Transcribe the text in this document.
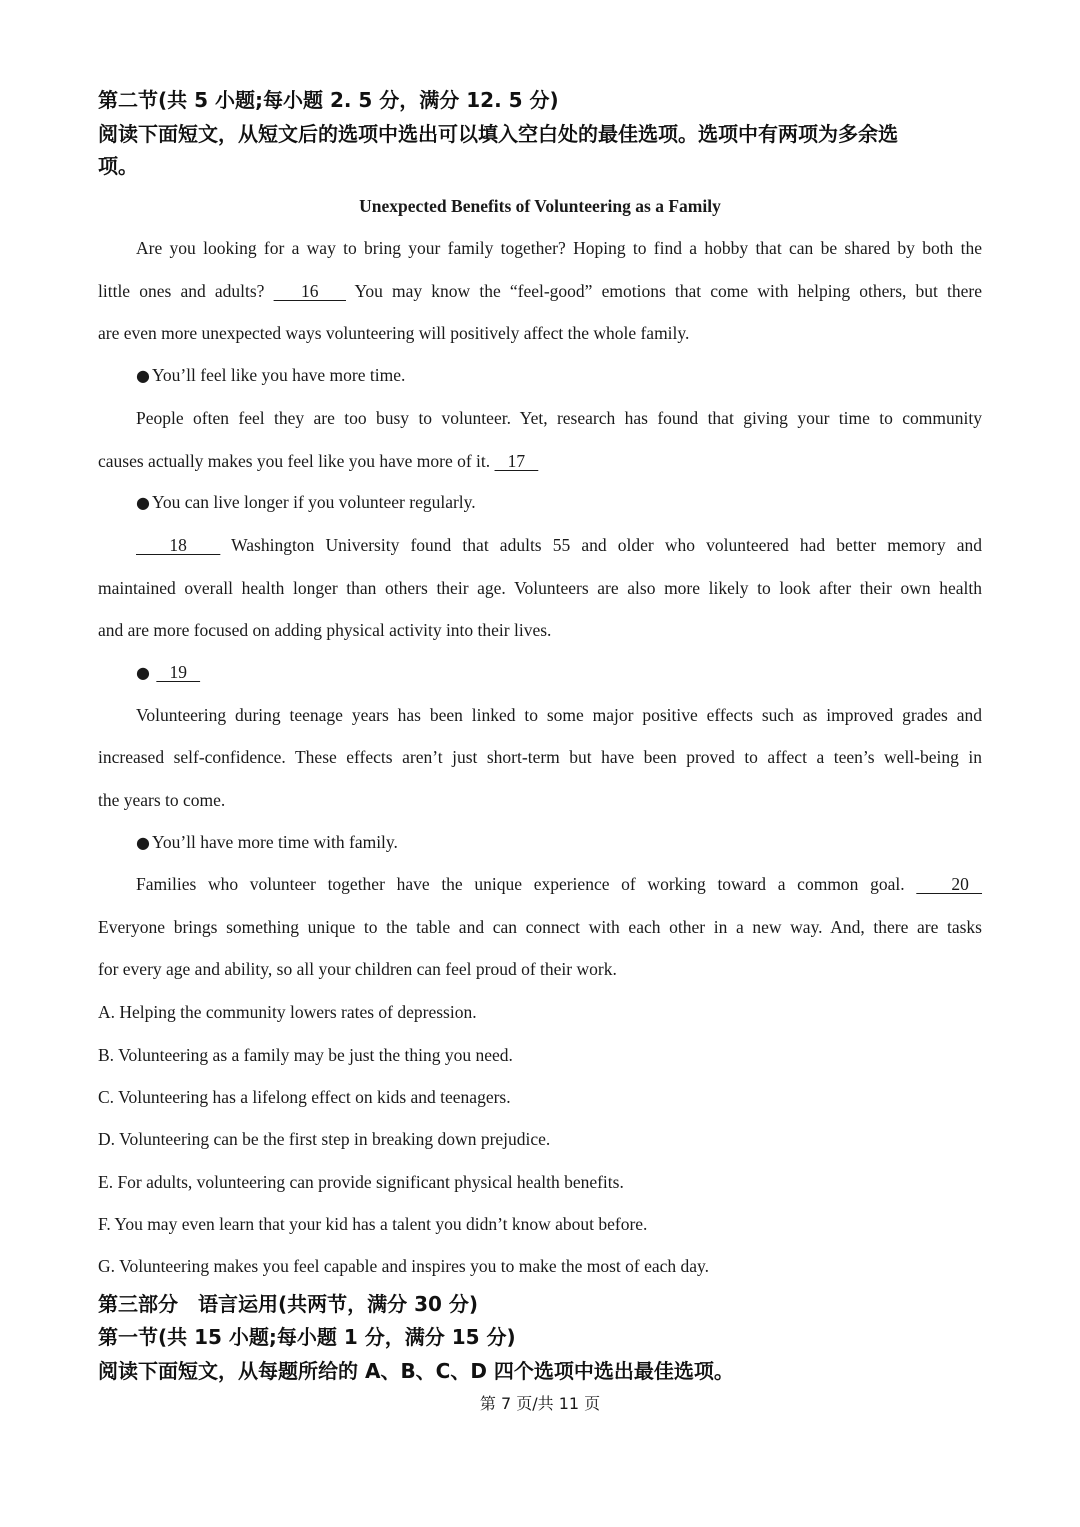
第二节(共 5 小题;每小题 2. 5 分，满分 12. 5 分)
阅读下面短文，从短文后的选项中选出可以填入空白处的最佳选项。选项中有两项为多余选
项。
Unexpected Benefits of Volunteering as a Family
Are you looking for a way to bring your family together? Hoping to find a hobby that can be shared by both the
little ones and adults?    16    You may know the “feel-good” emotions that come with helping others, but there
are even more unexpected ways volunteering will positively affect the whole family.
● You’ll feel like you have more time.
People often feel they are too busy to volunteer. Yet, research has found that giving your time to community
causes actually makes you feel like you have more of it.    17
● You can live longer if you volunteer regularly.
18    Washington University found that adults 55 and older who volunteered had better memory and
maintained overall health longer than others their age. Volunteers are also more likely to look after their own health
and are more focused on adding physical activity into their lives.
●    19
Volunteering during teenage years has been linked to some major positive effects such as improved grades and
increased self-confidence. These effects aren’t just short-term but have been proved to affect a teen’s well-being in
the years to come.
● You’ll have more time with family.
Families who volunteer together have the unique experience of working toward a common goal.    20
Everyone brings something unique to the table and can connect with each other in a new way. And, there are tasks
for every age and ability, so all your children can feel proud of their work.
A. Helping the community lowers rates of depression.
B. Volunteering as a family may be just the thing you need.
C. Volunteering has a lifelong effect on kids and teenagers.
D. Volunteering can be the first step in breaking down prejudice.
E. For adults, volunteering can provide significant physical health benefits.
F. You may even learn that your kid has a talent you didn’t know about before.
G. Volunteering makes you feel capable and inspires you to make the most of each day.
第三部分　语言运用(共两节，满分 30 分)
第一节(共 15 小题;每小题 1 分，满分 15 分)
阅读下面短文，从每题所给的 A、B、C、D 四个选项中选出最佳选项。
第 7 页/共 11 页
